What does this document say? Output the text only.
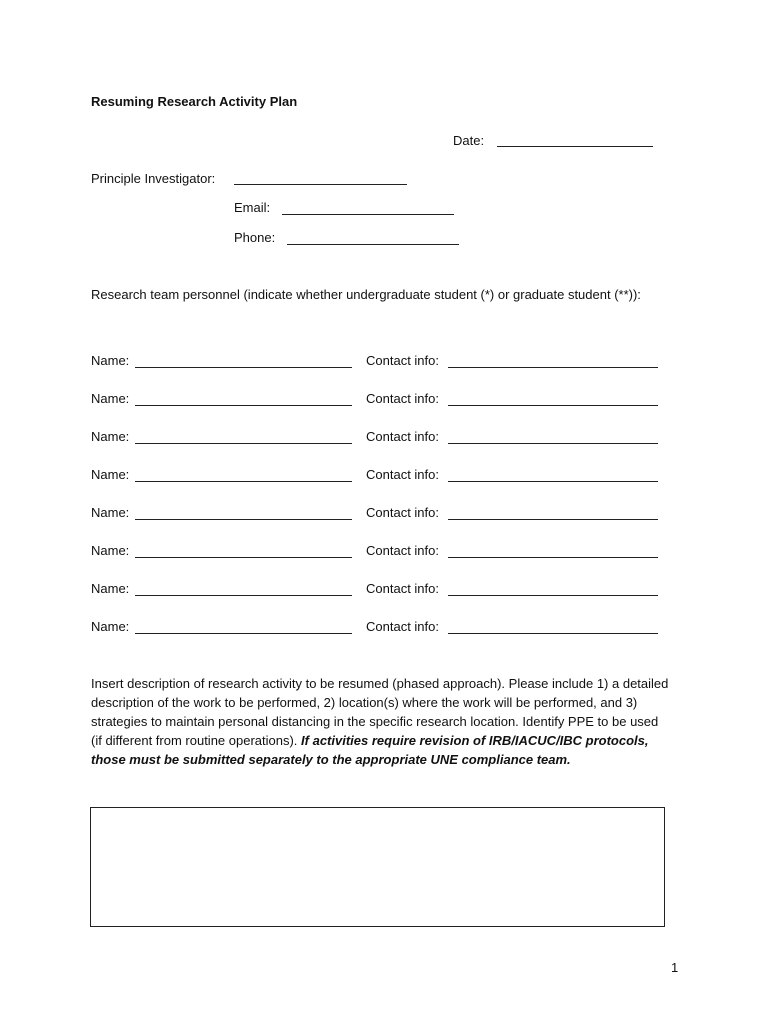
Resuming Research Activity Plan
Date:
Principle Investigator:
Email:
Phone:
Research team personnel (indicate whether undergraduate student (*) or graduate student (**)):
Name:	Contact info:
Name:	Contact info:
Name:	Contact info:
Name:	Contact info:
Name:	Contact info:
Name:	Contact info:
Name:	Contact info:
Name:	Contact info:
Insert description of research activity to be resumed (phased approach). Please include 1) a detailed description of the work to be performed, 2) location(s) where the work will be performed, and 3) strategies to maintain personal distancing in the specific research location. Identify PPE to be used (if different from routine operations). If activities require revision of IRB/IACUC/IBC protocols, those must be submitted separately to the appropriate UNE compliance team.
1
